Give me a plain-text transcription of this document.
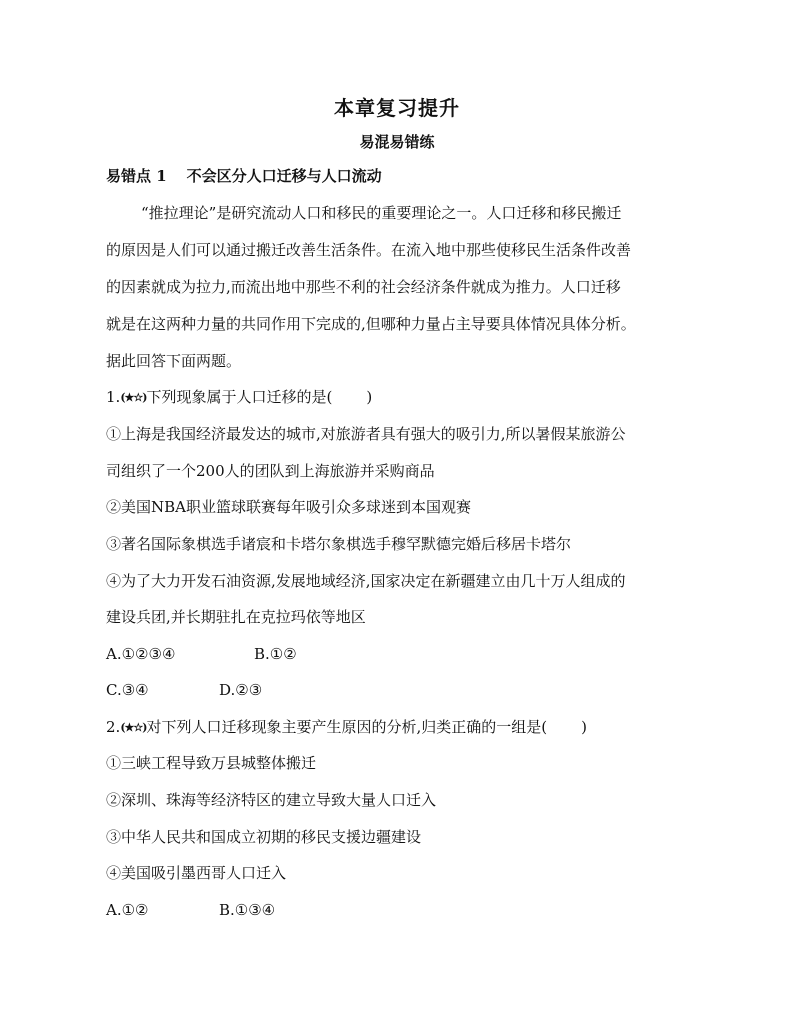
本章复习提升
易混易错练
易错点 1 不会区分人口迁移与人口流动
“推拉理论”是研究流动人口和移民的重要理论之一。人口迁移和移民搬迁
的原因是人们可以通过搬迁改善生活条件。在流入地中那些使移民生活条件改善
的因素就成为拉力,而流出地中那些不利的社会经济条件就成为推力。人口迁移
就是在这两种力量的共同作用下完成的,但哪种力量占主导要具体情况具体分析。
据此回答下面两题。
1.(★☆)下列现象属于人口迁移的是( )
①上海是我国经济最发达的城市,对旅游者具有强大的吸引力,所以暑假某旅游公
司组织了一个200人的团队到上海旅游并采购商品
②美国NBA职业篮球联赛每年吸引众多球迷到本国观赛
③著名国际象棋选手诸宸和卡塔尔象棋选手穆罕默德完婚后移居卡塔尔
④为了大力开发石油资源,发展地域经济,国家决定在新疆建立由几十万人组成的
建设兵团,并长期驻扎在克拉玛依等地区
A.①②③④	B.①②
C.③④	D.②③
2.(★☆)对下列人口迁移现象主要产生原因的分析,归类正确的一组是( )
①三峡工程导致万县城整体搬迁
②深圳、珠海等经济特区的建立导致大量人口迁入
③中华人民共和国成立初期的移民支援边疆建设
④美国吸引墨西哥人口迁入
A.①②	B.①③④
